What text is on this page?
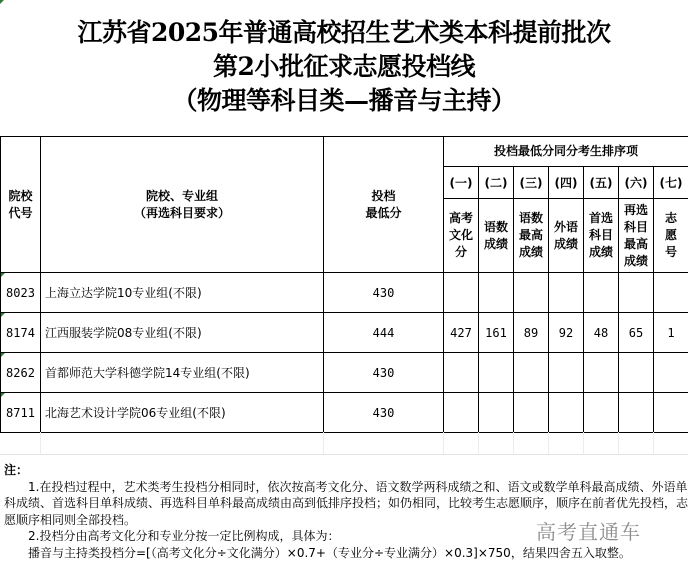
江苏省2025年普通高校招生艺术类本科提前批次
第2小批征求志愿投档线
（物理等科目类—播音与主持）
院校
代号

院校、专业组
（再选科目要求）

投档
最低分
	投档最低分同分考生排序项
			(一)	(二)	(三)	(四)	(五)	(六)	(七)

高考
文化
分

语数
成绩

语数
最高
成绩

外语
成绩

首选
科目
成绩

再选
科目
最高
成绩

志
愿
号

8023	上海立达学院10专业组(不限)	430							

8174	江西服装学院08专业组(不限)	444	427	161	89	92	48	65	1

8262	首都师范大学科德学院14专业组(不限)	430							

8711	北海艺术设计学院06专业组(不限)	430							
注：
1.在投档过程中，艺术类考生投档分相同时，依次按高考文化分、语文数学两科成绩之和、语文或数学单科最高成绩、外语单科成绩、首选科目单科成绩、再选科目单科最高成绩由高到低排序投档；如仍相同，比较考生志愿顺序，顺序在前者优先投档，志愿顺序相同则全部投档。
2.投档分由高考文化分和专业分按一定比例构成，具体为：
播音与主持类投档分=[（高考文化分÷文化满分）×0.7+（专业分÷专业满分）×0.3]×750，结果四舍五入取整。
高考直通车
